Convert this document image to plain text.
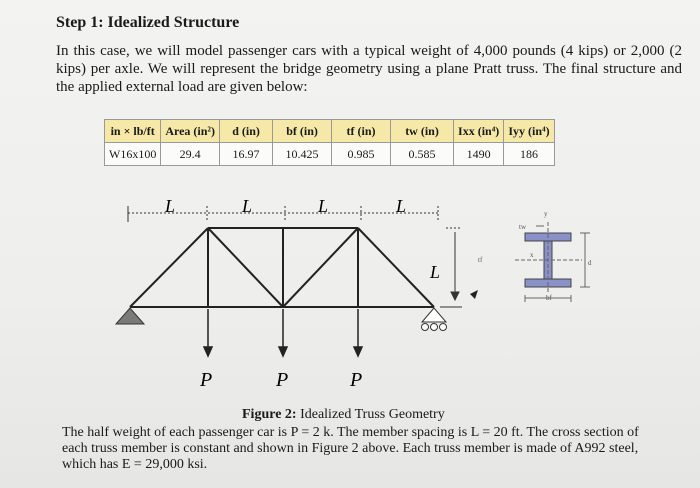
Step 1: Idealized Structure
In this case, we will model passenger cars with a typical weight of 4,000 pounds (4 kips) or 2,000 (2 kips) per axle. We will represent the bridge geometry using a plane Pratt truss. The final structure and the applied external load are given below:
in × lb/ft	Area (in²)	d (in)	bf (in)	tf (in)	tw (in)	Ixx (in⁴)	Iyy (in⁴)
W16x100	29.4	16.97	10.425	0.985	0.585	1490	186
L	L	L	L
L
P	P	P
tw
tf
x
y
d
bf
Figure 2: Idealized Truss Geometry
The half weight of each passenger car is P = 2 k. The member spacing is L = 20 ft. The cross section of each truss member is constant and shown in Figure 2 above. Each truss member is made of A992 steel, which has E = 29,000 ksi.
